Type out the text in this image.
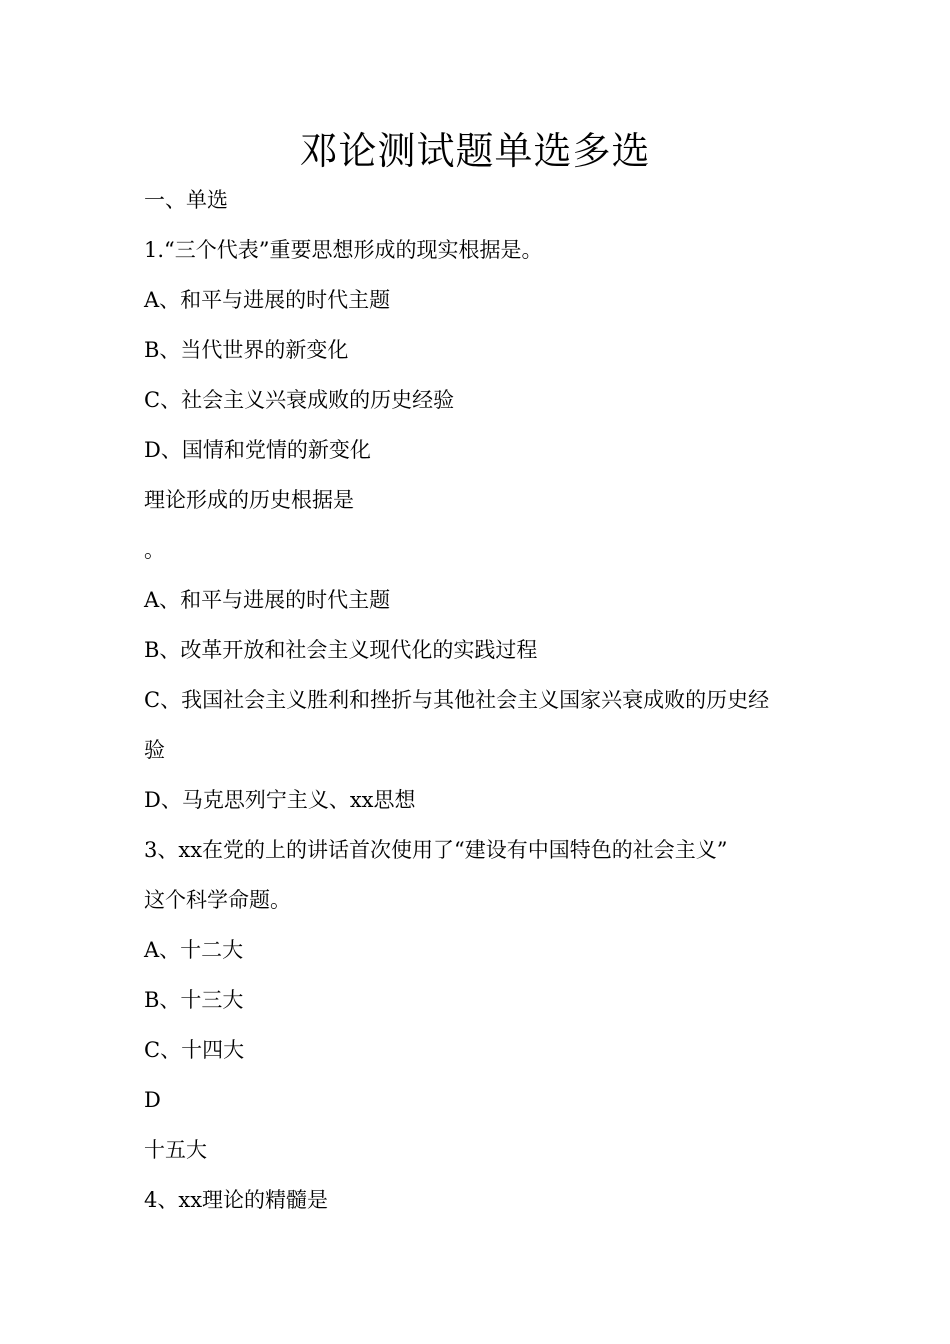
邓论测试题单选多选

一、单选

1.“三个代表”重要思想形成的现实根据是。

A、和平与进展的时代主题

B、当代世界的新变化

C、社会主义兴衰成败的历史经验

D、国情和党情的新变化

理论形成的历史根据是

。

A、和平与进展的时代主题

B、改革开放和社会主义现代化的实践过程

C、我国社会主义胜利和挫折与其他社会主义国家兴衰成败的历史经

验

D、马克思列宁主义、xx思想

3、xx在党的上的讲话首次使用了“建设有中国特色的社会主义”

这个科学命题。

A、十二大

B、十三大

C、十四大

D

十五大

4、xx理论的精髓是
